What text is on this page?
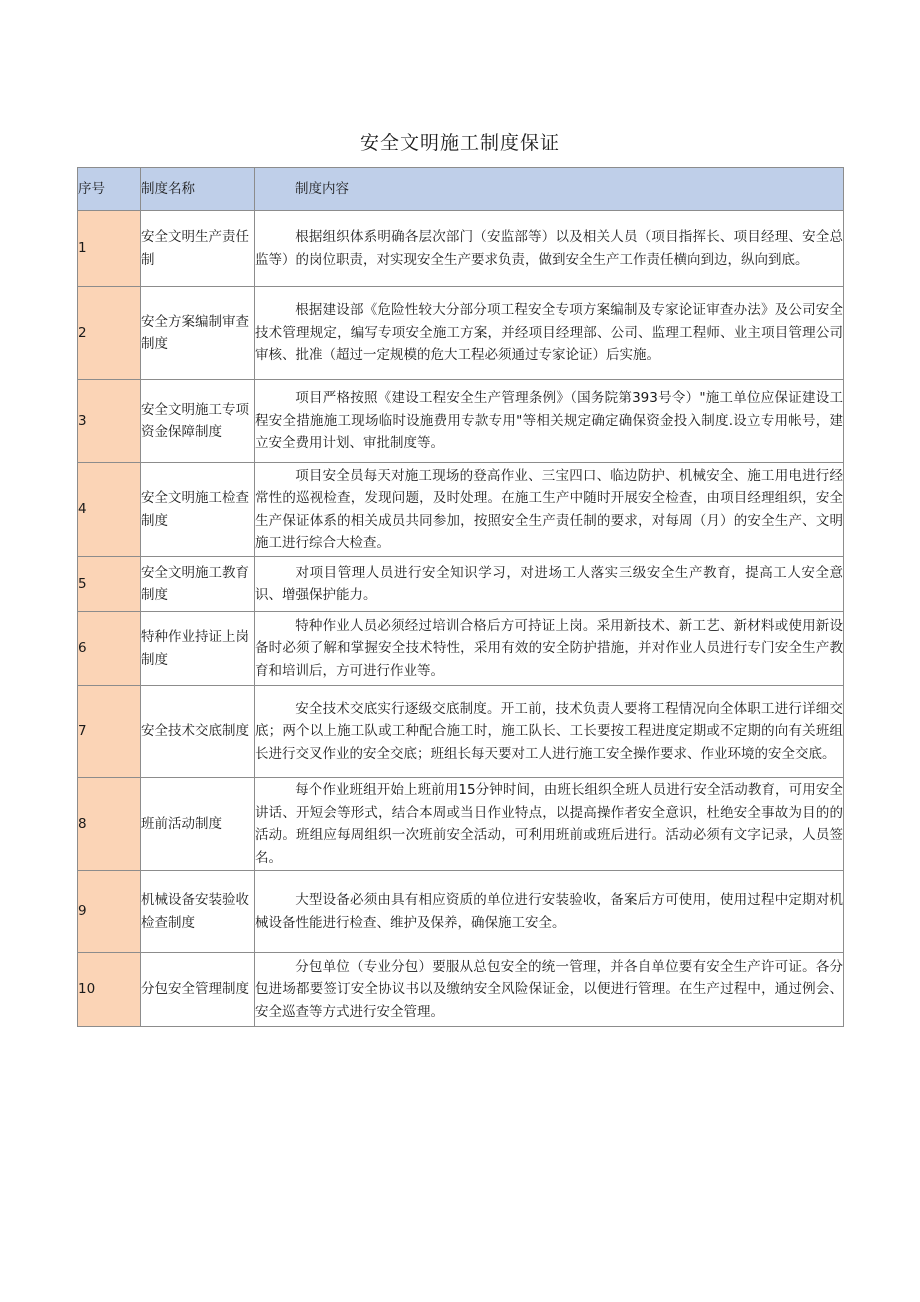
安全文明施工制度保证
序号	制度名称	制度内容
1	安全文明生产责任制	根据组织体系明确各层次部门（安监部等）以及相关人员（项目指挥长、项目经理、安全总监等）的岗位职责，对实现安全生产要求负责，做到安全生产工作责任横向到边，纵向到底。
2	安全方案编制审查制度	根据建设部《危险性较大分部分项工程安全专项方案编制及专家论证审查办法》及公司安全技术管理规定，编写专项安全施工方案，并经项目经理部、公司、监理工程师、业主项目管理公司审核、批准（超过一定规模的危大工程必须通过专家论证）后实施。
3	安全文明施工专项资金保障制度	项目严格按照《建设工程安全生产管理条例》（国务院第393号令）"施工单位应保证建设工程安全措施施工现场临时设施费用专款专用"等相关规定确定确保资金投入制度.设立专用帐号，建立安全费用计划、审批制度等。
4	安全文明施工检查制度	项目安全员每天对施工现场的登高作业、三宝四口、临边防护、机械安全、施工用电进行经常性的巡视检查，发现问题，及时处理。在施工生产中随时开展安全检查，由项目经理组织，安全生产保证体系的相关成员共同参加，按照安全生产责任制的要求，对每周（月）的安全生产、文明施工进行综合大检查。
5	安全文明施工教育制度	对项目管理人员进行安全知识学习，对进场工人落实三级安全生产教育，提高工人安全意识、增强保护能力。
6	特种作业持证上岗制度	特种作业人员必须经过培训合格后方可持证上岗。采用新技术、新工艺、新材料或使用新设备时必须了解和掌握安全技术特性，采用有效的安全防护措施，并对作业人员进行专门安全生产教育和培训后，方可进行作业等。
7	安全技术交底制度	安全技术交底实行逐级交底制度。开工前，技术负责人要将工程情况向全体职工进行详细交底；两个以上施工队或工种配合施工时，施工队长、工长要按工程进度定期或不定期的向有关班组长进行交叉作业的安全交底；班组长每天要对工人进行施工安全操作要求、作业环境的安全交底。
8	班前活动制度	每个作业班组开始上班前用15分钟时间，由班长组织全班人员进行安全活动教育，可用安全讲话、开短会等形式，结合本周或当日作业特点，以提高操作者安全意识，杜绝安全事故为目的的活动。班组应每周组织一次班前安全活动，可利用班前或班后进行。活动必须有文字记录，人员签名。
9	机械设备安装验收检查制度	大型设备必须由具有相应资质的单位进行安装验收，备案后方可使用，使用过程中定期对机械设备性能进行检查、维护及保养，确保施工安全。
10	分包安全管理制度	分包单位（专业分包）要服从总包安全的统一管理，并各自单位要有安全生产许可证。各分包进场都要签订安全协议书以及缴纳安全风险保证金，以便进行管理。在生产过程中，通过例会、安全巡查等方式进行安全管理。
